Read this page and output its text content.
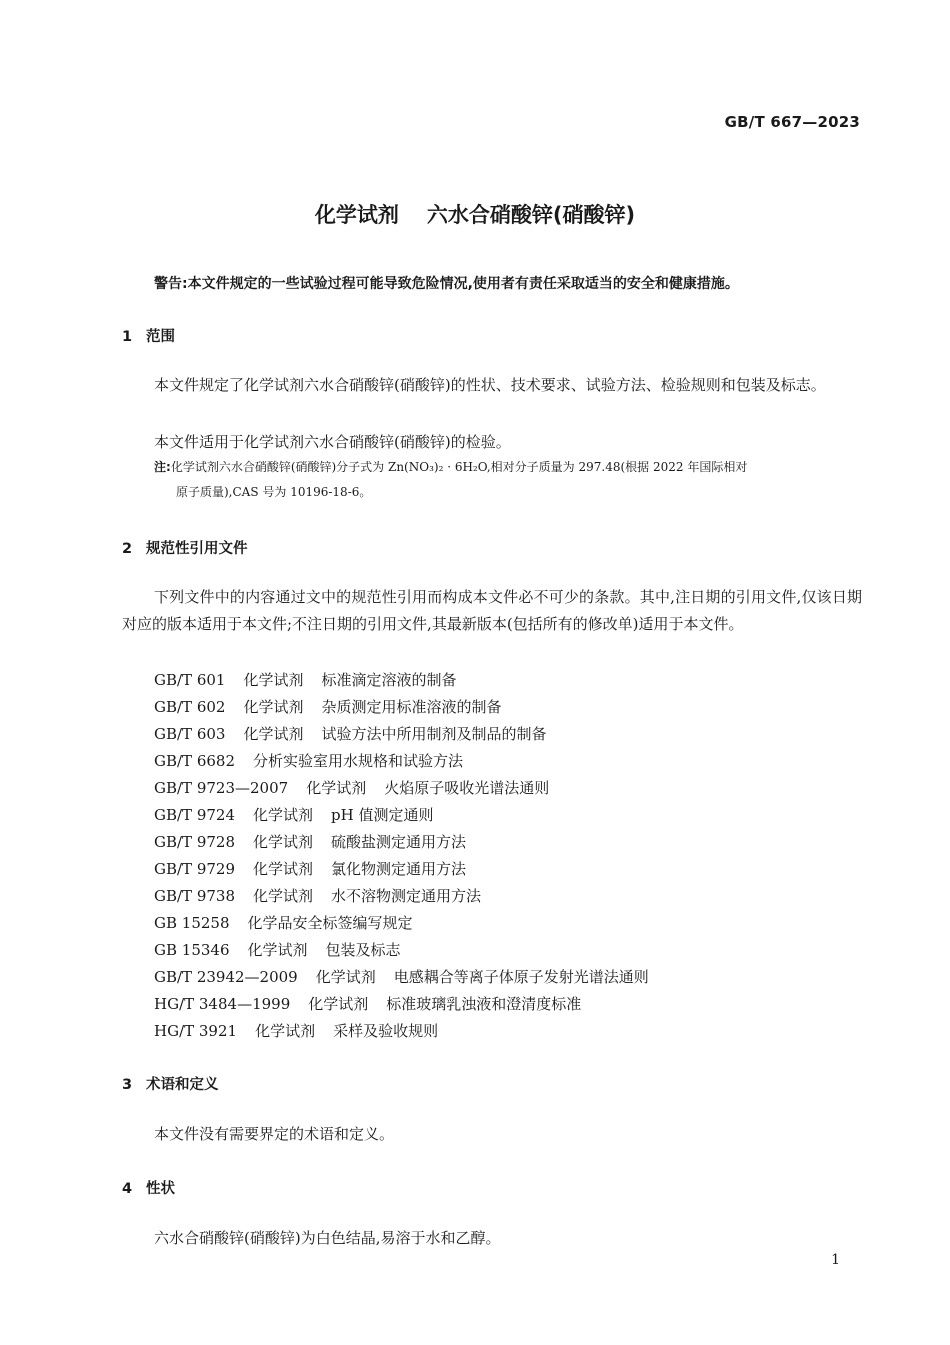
GB/T 667—2023
化学试剂 六水合硝酸锌(硝酸锌)
警告:本文件规定的一些试验过程可能导致危险情况,使用者有责任采取适当的安全和健康措施。
1 范围
本文件规定了化学试剂六水合硝酸锌(硝酸锌)的性状、技术要求、试验方法、检验规则和包装及标志。
本文件适用于化学试剂六水合硝酸锌(硝酸锌)的检验。
注:化学试剂六水合硝酸锌(硝酸锌)分子式为 Zn(NO₃)₂ · 6H₂O,相对分子质量为 297.48(根据 2022 年国际相对
原子质量),CAS 号为 10196-18-6。
2 规范性引用文件
下列文件中的内容通过文中的规范性引用而构成本文件必不可少的条款。其中,注日期的引用文件,仅该日期对应的版本适用于本文件;不注日期的引用文件,其最新版本(包括所有的修改单)适用于本文件。
GB/T 601 化学试剂 标准滴定溶液的制备
GB/T 602 化学试剂 杂质测定用标准溶液的制备
GB/T 603 化学试剂 试验方法中所用制剂及制品的制备
GB/T 6682 分析实验室用水规格和试验方法
GB/T 9723—2007 化学试剂 火焰原子吸收光谱法通则
GB/T 9724 化学试剂 pH 值测定通则
GB/T 9728 化学试剂 硫酸盐测定通用方法
GB/T 9729 化学试剂 氯化物测定通用方法
GB/T 9738 化学试剂 水不溶物测定通用方法
GB 15258 化学品安全标签编写规定
GB 15346 化学试剂 包装及标志
GB/T 23942—2009 化学试剂 电感耦合等离子体原子发射光谱法通则
HG/T 3484—1999 化学试剂 标准玻璃乳浊液和澄清度标准
HG/T 3921 化学试剂 采样及验收规则
3 术语和定义
本文件没有需要界定的术语和定义。
4 性状
六水合硝酸锌(硝酸锌)为白色结晶,易溶于水和乙醇。
1
